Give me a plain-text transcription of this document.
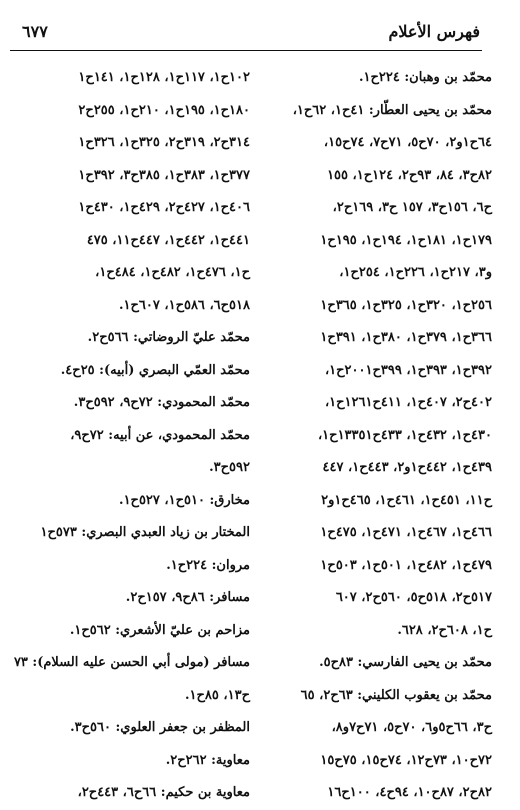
فهرس الأعلام
٦٧٧
محمّد بن وهبان: ٢٢٤ح١.
محمّد بن يحيى العطّار: ٤١ح١، ٦٢ح١،
٦٤ح١و٢، ٧٠ح٥، ٧١ح٧، ٧٤ح١٥،
٨٢ح٣، ٨٤، ٩٣ح٢، ١٢٤ح١، ١٥٥
ح٦، ١٥٦ح٣، ١٥٧ ح٣، ١٦٩ح٢،
١٧٩ح١، ١٨١ح١، ١٩٤ح١، ١٩٥ح١
و٣، ٢١٧ح١، ٢٢٦ح١، ٢٥٤ح١،
٢٥٦ح١، ٣٢٠ح١، ٣٢٥ح١، ٣٦٥ح١
٣٦٦ح١، ٣٧٩ح١، ٣٨٠ح١، ٣٩١ح١
٣٩٢ح١، ٣٩٣ح١، ٣٩٩ح٢٠٠١ح١،
٤٠٢ح٢، ٤٠٧ح١، ٤١١ح١٢٦١ح١،
٤٣٠ح١، ٤٣٢ح١، ٤٣٣ح١٣٣٥١ح١،
٤٣٩ح١، ٤٤٢ح١و٢، ٤٤٣ح١، ٤٤٧
ح١١، ٤٥١ح١، ٤٦١ح١، ٤٦٥ح١و٢
٤٦٦ح١، ٤٦٧ح١، ٤٧١ح١، ٤٧٥ح١
٤٧٩ح١، ٤٨٢ح١، ٥٠١ح١، ٥٠٣ح١
٥١٧ح٢، ٥١٨ح٥، ٥٦٠ح٢، ٦٠٧
ح١، ٦٠٨ح٢، ٦٢٨.
محمّد بن يحيى الفارسي: ٨٣ح٥.
محمّد بن يعقوب الكليني: ٦٣ح٢، ٦٥
ح٣، ٦٦ح٥و٦، ٧٠ح٥، ٧١ح٧و٨،
٧٢ح١٠، ٧٣ح١٢، ٧٤ح١٥، ٧٥ح١٥
٨٢ح٢، ٨٧ح١٠، ٩٤ح٤، ١٠٠ح١٦
١٠٢ح١، ١١٧ح١، ١٢٨ح١، ١٤١ح١
١٨٠ح١، ١٩٥ح١، ٢١٠ح١، ٢٥٥ح٢
٣١٤ح٢، ٣١٩ح٢، ٣٢٥ح١، ٣٢٦ح١
٣٧٧ح١، ٣٨٣ح١، ٣٨٥ح٣، ٣٩٢ح١
٤٠٦ح١، ٤٢٧ح٢، ٤٢٩ح١، ٤٣٠ح١
٤٤١ح١، ٤٤٢ح١، ٤٤٧ح١١، ٤٧٥
ح١، ٤٧٦ح١، ٤٨٢ح١، ٤٨٤ح١،
٥١٨ح٦، ٥٨٦ح١، ٦٠٧ح١.
محمّد عليّ الروضاتي: ٥٦٦ح٢.
محمّد العمّي البصري (أبيه): ٢٥ح٤.
محمّد المحمودي: ٧٢ح٩، ٥٩٢ح٣.
محمّد المحمودي، عن أبيه: ٧٢ح٩،
٥٩٢ح٣.
مخارق: ٥١٠ح١، ٥٢٧ح١.
المختار بن زياد العبدي البصري: ٥٧٣ح١
مروان: ٢٢٤ح١.
مسافر: ٨٦ح٩، ١٥٧ح٢.
مزاحم بن عليّ الأشعري: ٥٦٢ح١.
مسافر (مولى أبي الحسن عليه السلام): ٧٣
ح١٣، ٨٥ح١.
المظفر بن جعفر العلوي: ٥٦٠ح٣.
معاوية: ٢٦٢ح٢.
معاوية بن حكيم: ٦٦ح٦، ٤٤٣ح٢،
